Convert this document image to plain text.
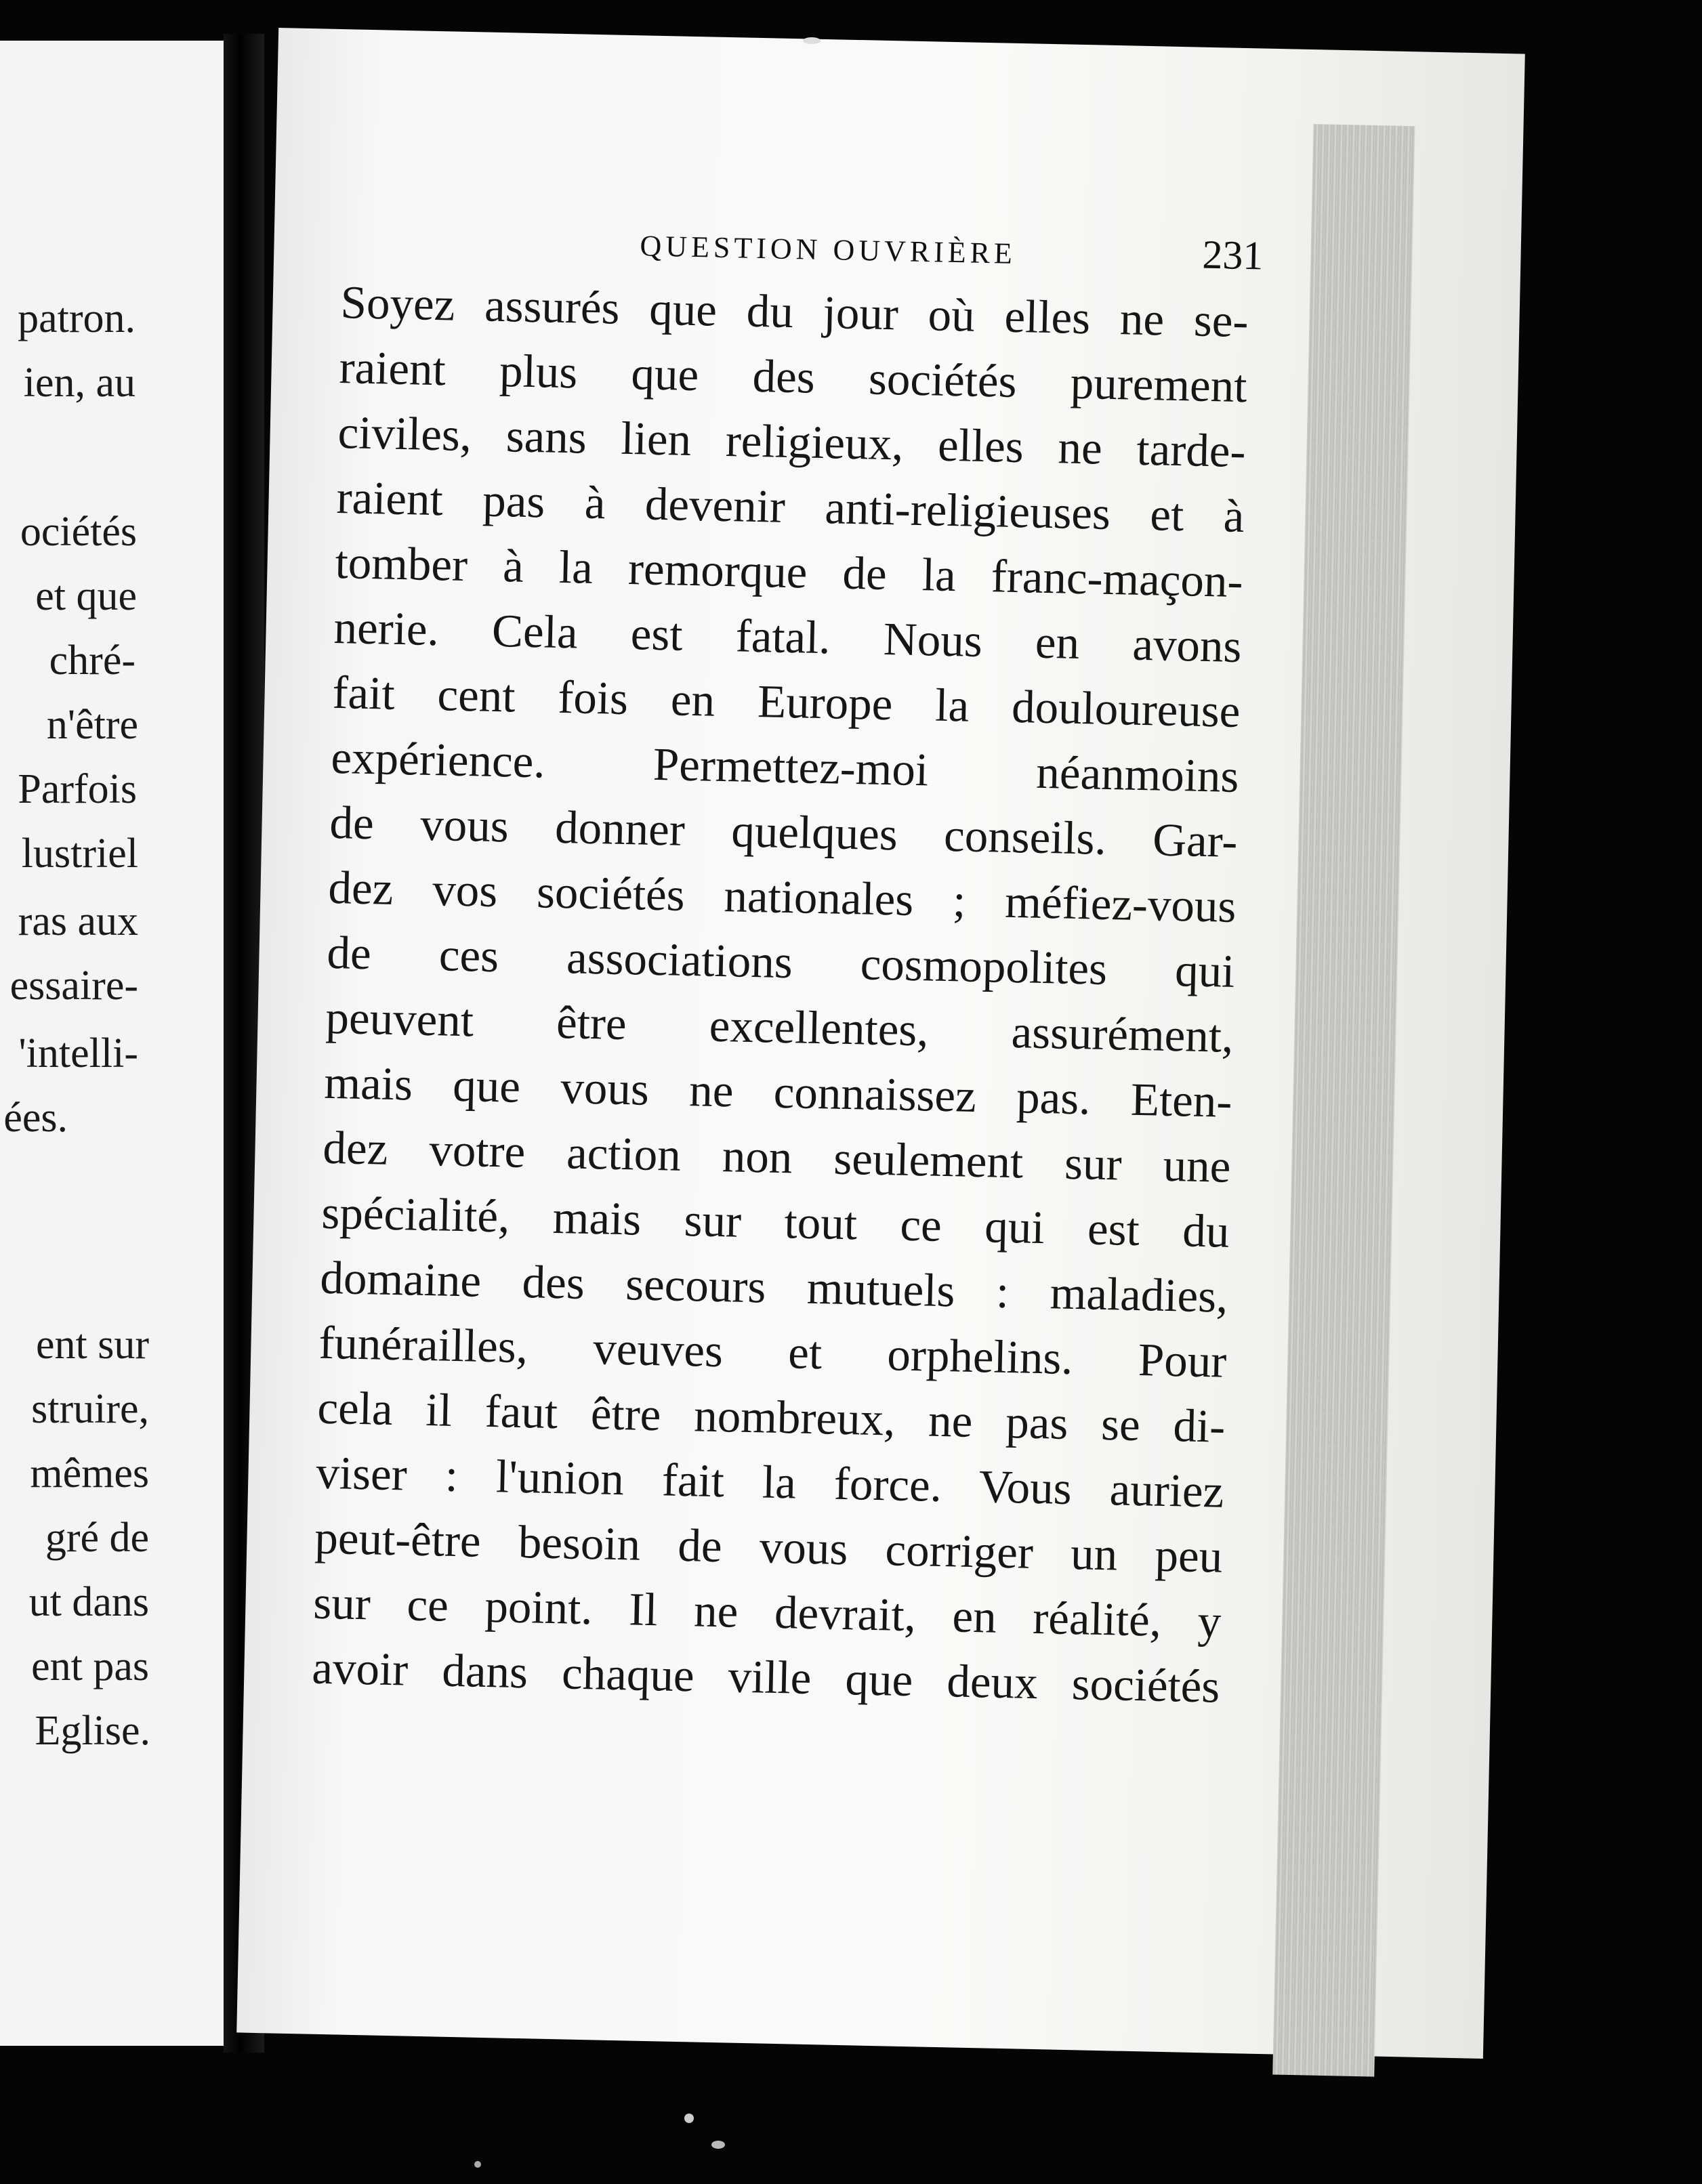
patron.
ien, au
ociétés
et que
chré-
n'être
Parfois
lustriel
ras aux
essaire-
'intelli-
ées.
ent sur
struire,
mêmes
gré de
ut dans
ent pas
Eglise.
QUESTION OUVRIÈRE	231
Soyez assurés que du jour où elles ne se-
raient plus que des sociétés purement
civiles, sans lien religieux, elles ne tarde-
raient pas à devenir anti-religieuses et à
tomber à la remorque de la franc-maçon-
nerie. Cela est fatal. Nous en avons
fait cent fois en Europe la douloureuse
expérience. Permettez-moi néanmoins
de vous donner quelques conseils. Gar-
dez vos sociétés nationales ; méfiez-vous
de ces associations cosmopolites qui
peuvent être excellentes, assurément,
mais que vous ne connaissez pas. Eten-
dez votre action non seulement sur une
spécialité, mais sur tout ce qui est du
domaine des secours mutuels : maladies,
funérailles, veuves et orphelins. Pour
cela il faut être nombreux, ne pas se di-
viser : l'union fait la force. Vous auriez
peut-être besoin de vous corriger un peu
sur ce point. Il ne devrait, en réalité, y
avoir dans chaque ville que deux sociétés
